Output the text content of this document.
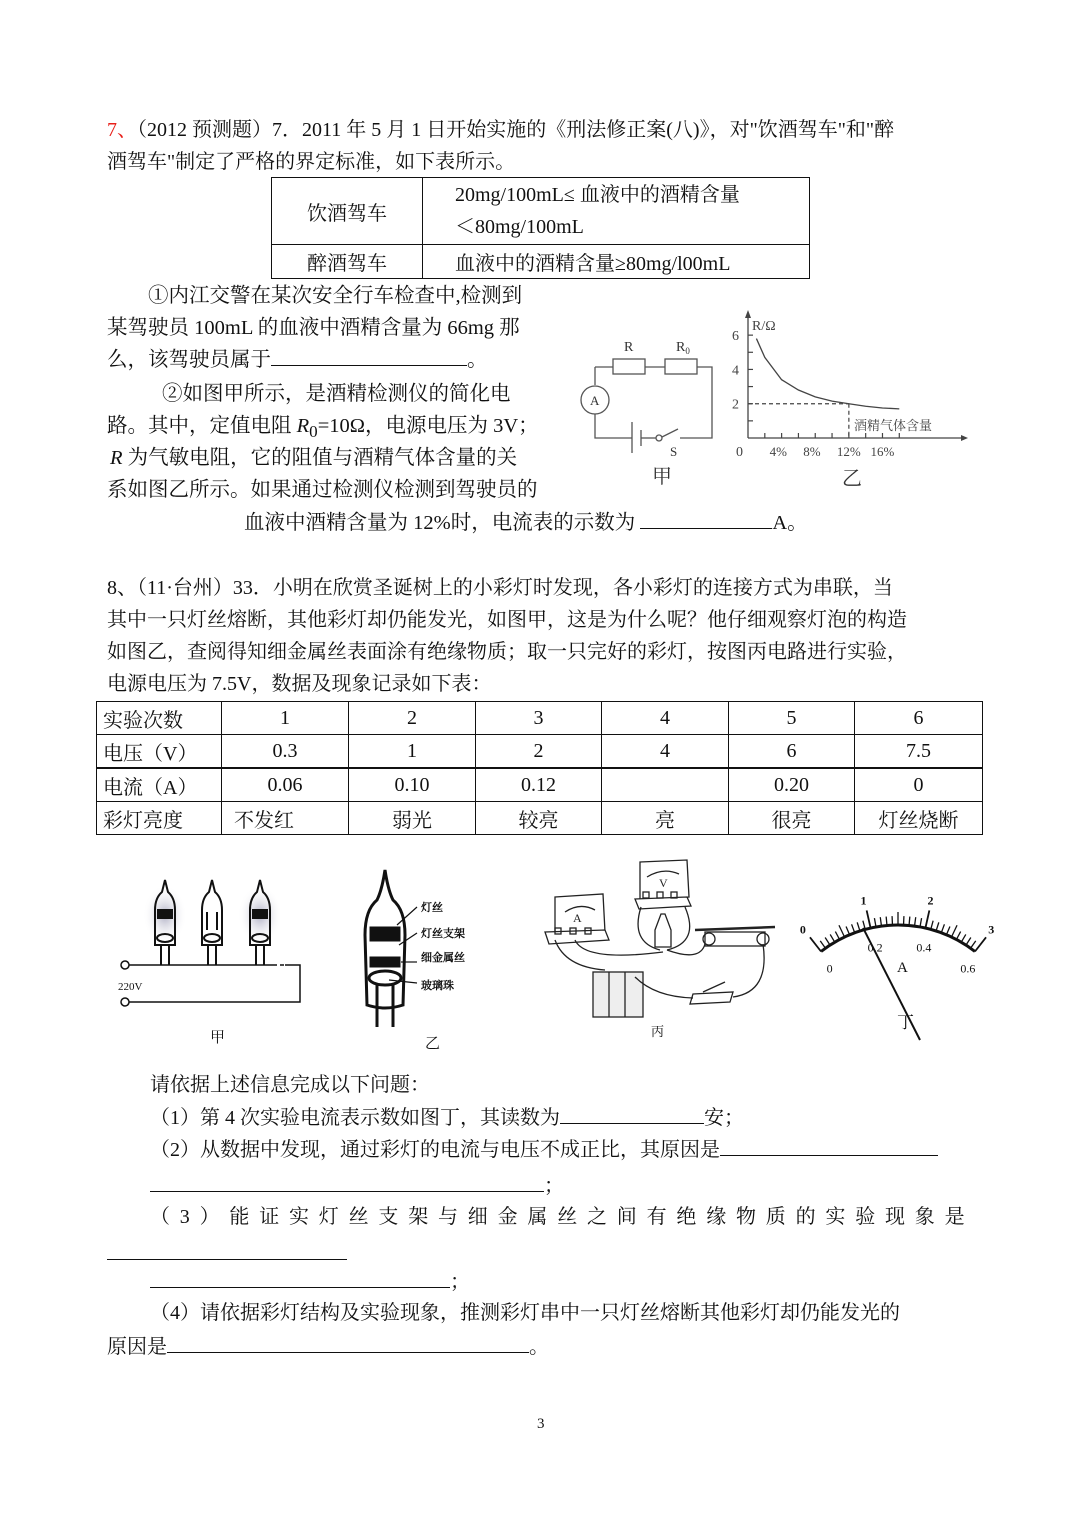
7、（2012 预测题）7．2011 年 5 月 1 日开始实施的《刑法修正案(八)》，对"饮酒驾车"和"醉
酒驾车"制定了严格的界定标准，如下表所示。
饮酒驾车	20mg/100mL≤ 血液中的酒精含量
＜80mg/100mL

醉酒驾车	血液中的酒精含量≥80mg/l00mL
①内江交警在某次安全行车检查中,检测到
某驾驶员 100mL 的血液中酒精含量为 66mg 那
么，该驾驶员属于	。
②如图甲所示，是酒精检测仪的简化电
路。其中，定值电阻 $R_0=10\Omega$，电源电压为 3V；
R 为气敏电阻，它的阻值与酒精气体含量的关
系如图乙所示。如果通过检测仪检测到驾驶员的
血液中酒精含量为 12%时，电流表的示数为	A。
R	$R_0$
A
S
甲
2
4
6
4% 8% 12% 16%
R/Ω
酒精气体含量
0
乙
8、（11·台州）33．小明在欣赏圣诞树上的小彩灯时发现，各小彩灯的连接方式为串联，当
其中一只灯丝熔断，其他彩灯却仍能发光，如图甲，这是为什么呢？他仔细观察灯泡的构造
如图乙，查阅得知细金属丝表面涂有绝缘物质；取一只完好的彩灯，按图丙电路进行实验，
电源电压为 7.5V，数据及现象记录如下表：
实验次数	1	2	3	4	5	6
电压（V）	0.3	1	2	4	6	7.5
电流（A）	0.06	0.10	0.12		0.20	0
彩灯亮度	不发红	弱光	较亮	亮	很亮	灯丝烧断
220V
甲
灯丝
灯丝支架
细金属丝
玻璃珠
乙
A
V
丙
0
1	2
3
0
0.2	0.4
0.6
A
丁
请依据上述信息完成以下问题：
（1）第 4 次实验电流表示数如图丁，其读数为	安；
（2）从数据中发现，通过彩灯的电流与电压不成正比，其原因是
；
（3）能证实灯丝支架与细金属丝之间有绝缘物质的实验现象是
；
（4）请依据彩灯结构及实验现象，推测彩灯串中一只灯丝熔断其他彩灯却仍能发光的
原因是	。
3
